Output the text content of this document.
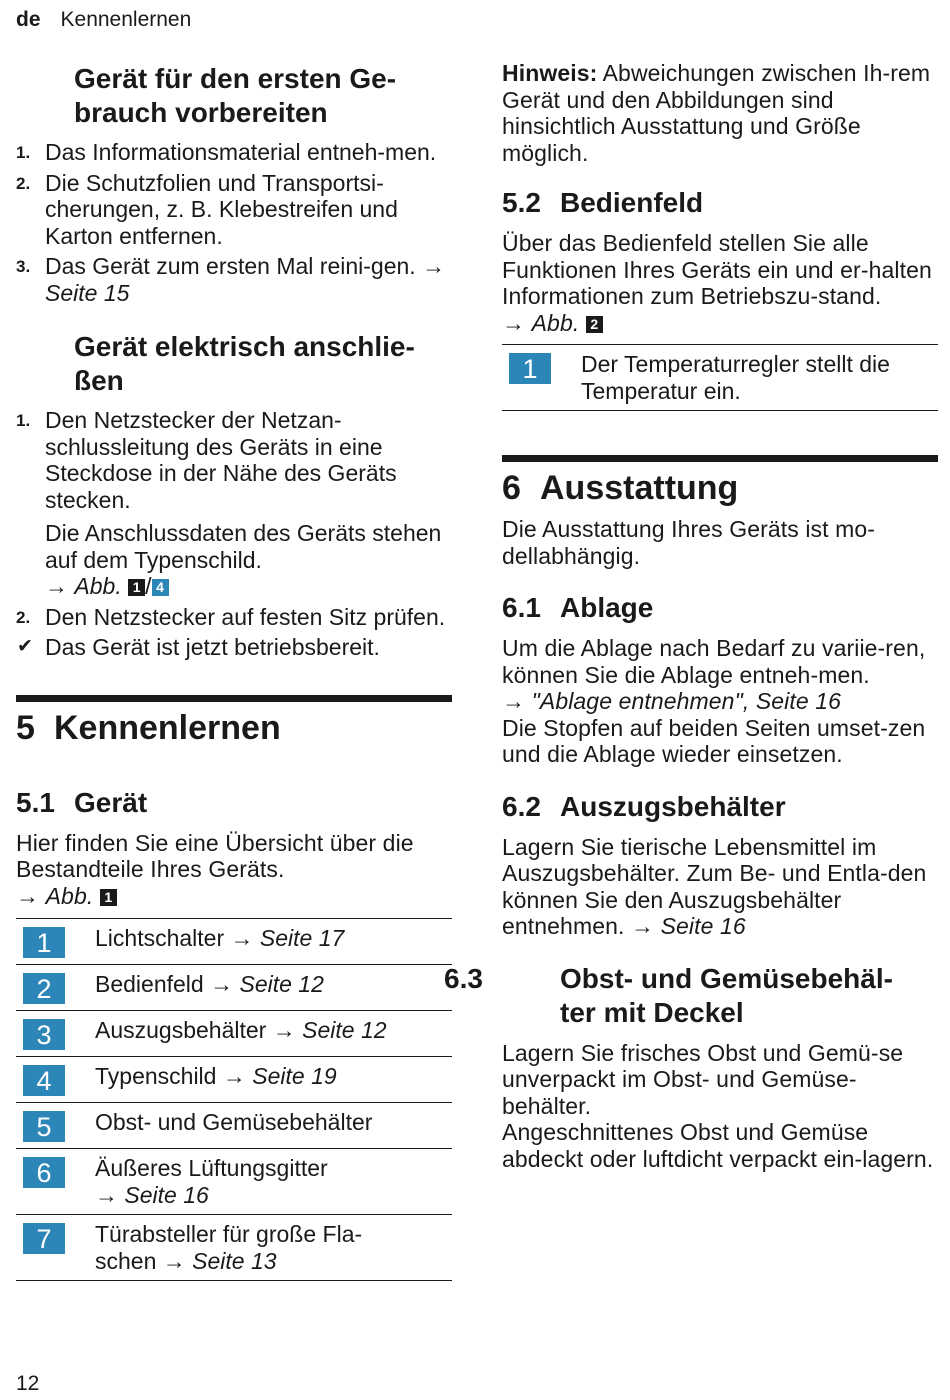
de Kennenlernen
Gerät für den ersten Ge-
brauch vorbereiten
1. Das Informationsmaterial entneh-men.
2. Die Schutzfolien und Transportsi-cherungen, z. B. Klebestreifen und Karton entfernen.
3. Das Gerät zum ersten Mal reini-gen. → Seite 15
Gerät elektrisch anschlie-
ßen
1. Den Netzstecker der Netzan-schlussleitung des Geräts in eine Steckdose in der Nähe des Geräts stecken.
Die Anschlussdaten des Geräts stehen auf dem Typenschild.
→ Abb. 1 / 4
2. Den Netzstecker auf festen Sitz prüfen.
✔ Das Gerät ist jetzt betriebsbereit.
5 Kennenlernen
5.1 Gerät

Hier finden Sie eine Übersicht über die Bestandteile Ihres Geräts.
→ Abb. 1

1	Lichtschalter → Seite 17
2	Bedienfeld → Seite 12
3	Auszugsbehälter → Seite 12
4	Typenschild → Seite 19
5	Obst- und Gemüsebehälter
6	Äußeres Lüftungsgitter
→ Seite 16
7	Türabsteller für große Fla-schen → Seite 13

Hinweis: Abweichungen zwischen Ih-rem Gerät und den Abbildungen sind hinsichtlich Ausstattung und Größe möglich.

5.2 Bedienfeld

Über das Bedienfeld stellen Sie alle Funktionen Ihres Geräts ein und er-halten Informationen zum Betriebszu-stand.
→ Abb. 2

1	Der Temperaturregler stellt die Temperatur ein.
6 Ausstattung

Die Ausstattung Ihres Geräts ist mo-dellabhängig.

6.1 Ablage

Um die Ablage nach Bedarf zu variie-ren, können Sie die Ablage entneh-men.
→ "Ablage entnehmen", Seite 16
Die Stopfen auf beiden Seiten umset-zen und die Ablage wieder einsetzen.

6.2 Auszugsbehälter

Lagern Sie tierische Lebensmittel im Auszugsbehälter. Zum Be- und Entla-den können Sie den Auszugsbehälter entnehmen. → Seite 16

6.3	Obst- und Gemüsebehäl-
ter mit Deckel

Lagern Sie frisches Obst und Gemü-se unverpackt im Obst- und Gemüse-behälter.
Angeschnittenes Obst und Gemüse abdeckt oder luftdicht verpackt ein-lagern.

12
